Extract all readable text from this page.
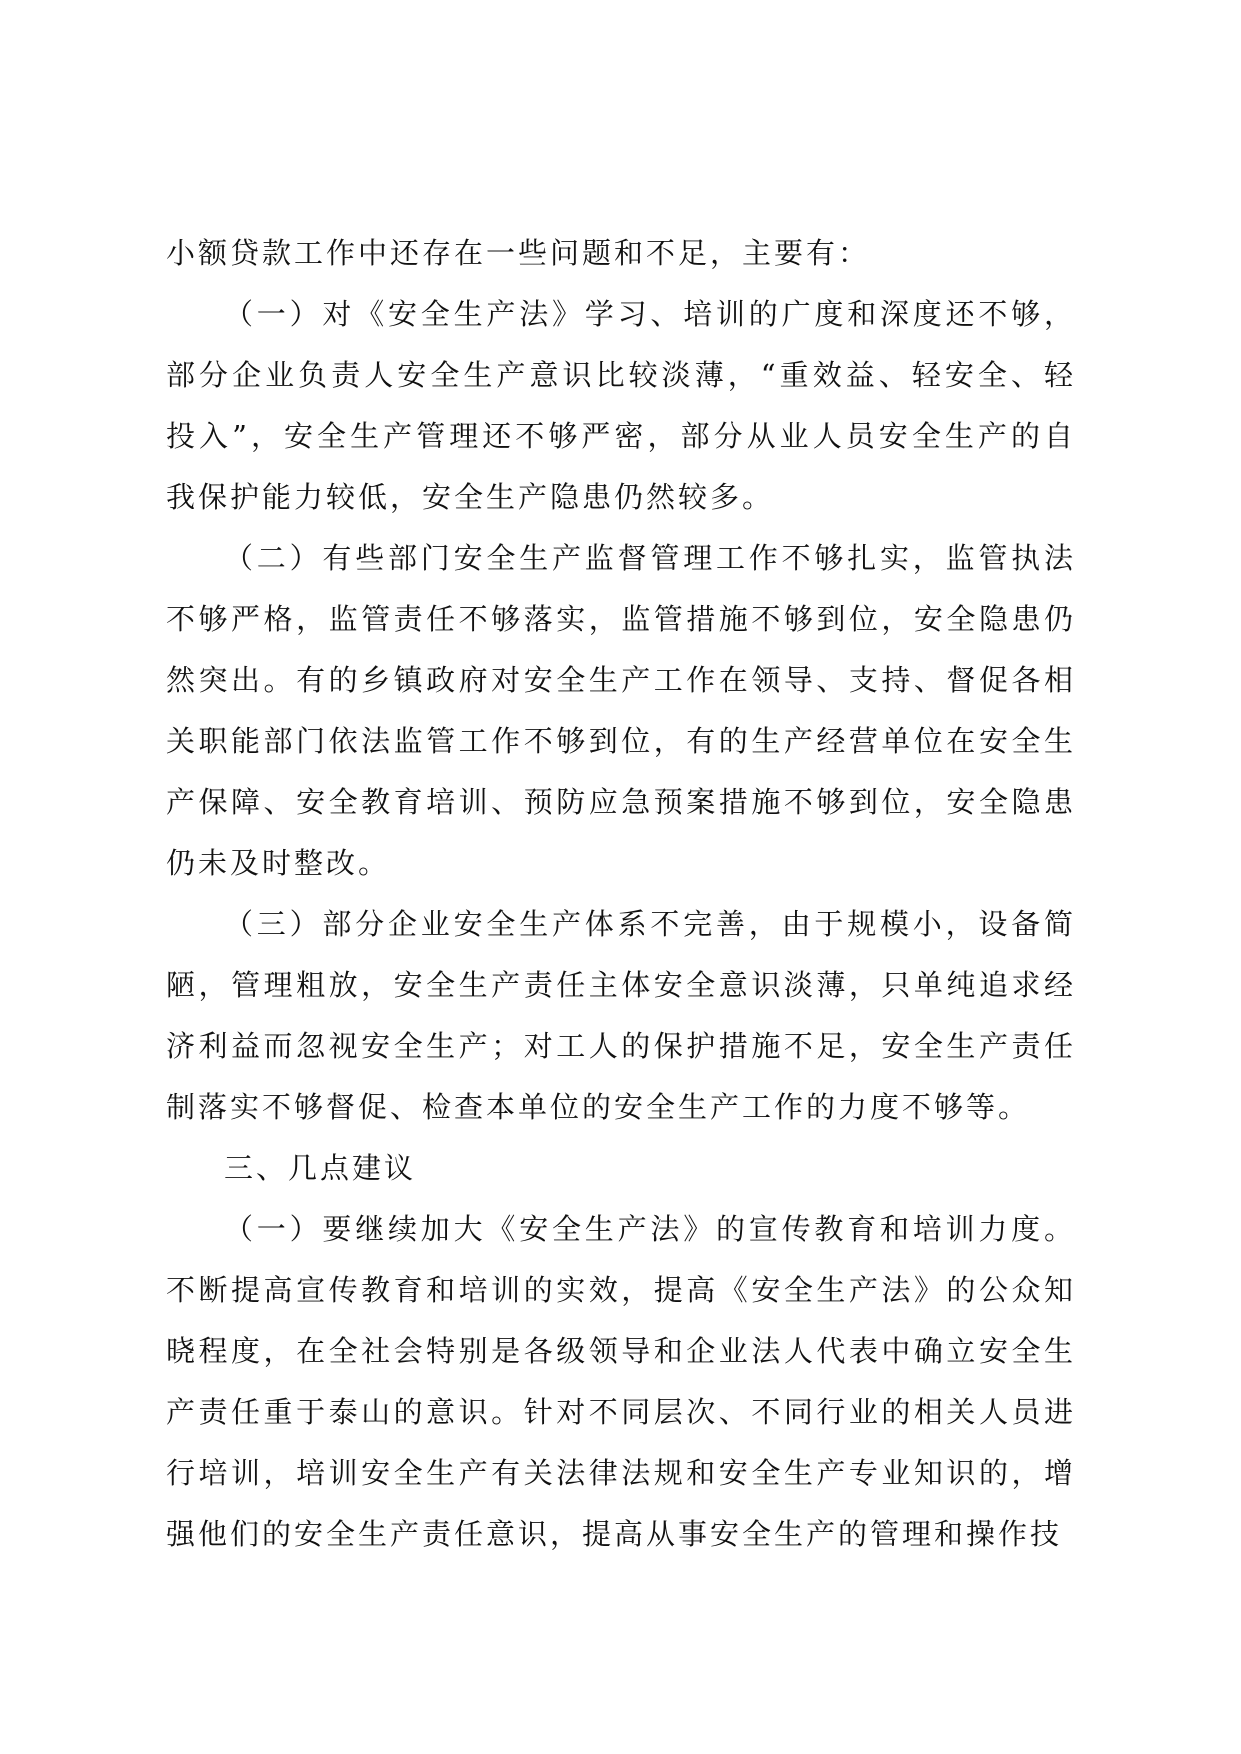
小额贷款工作中还存在一些问题和不足，主要有：

（一）对《安全生产法》学习、培训的广度和深度还不够，部分企业负责人安全生产意识比较淡薄，“重效益、轻安全、轻投入”，安全生产管理还不够严密，部分从业人员安全生产的自我保护能力较低，安全生产隐患仍然较多。

（二）有些部门安全生产监督管理工作不够扎实，监管执法不够严格，监管责任不够落实，监管措施不够到位，安全隐患仍然突出。有的乡镇政府对安全生产工作在领导、支持、督促各相关职能部门依法监管工作不够到位，有的生产经营单位在安全生产保障、安全教育培训、预防应急预案措施不够到位，安全隐患仍未及时整改。

（三）部分企业安全生产体系不完善，由于规模小，设备简陋，管理粗放，安全生产责任主体安全意识淡薄，只单纯追求经济利益而忽视安全生产；对工人的保护措施不足，安全生产责任制落实不够督促、检查本单位的安全生产工作的力度不够等。

三、几点建议

（一）要继续加大《安全生产法》的宣传教育和培训力度。不断提高宣传教育和培训的实效，提高《安全生产法》的公众知晓程度，在全社会特别是各级领导和企业法人代表中确立安全生产责任重于泰山的意识。针对不同层次、不同行业的相关人员进行培训，培训安全生产有关法律法规和安全生产专业知识的，增强他们的安全生产责任意识，提高从事安全生产的管理和操作技
